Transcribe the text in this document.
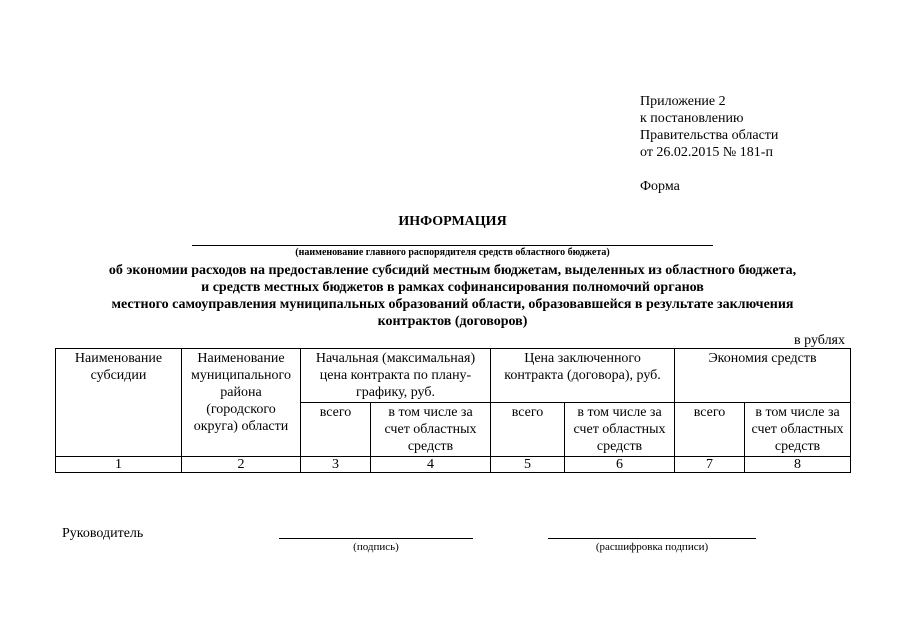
Приложение 2
к постановлению
Правительства области
от 26.02.2015 № 181-п
Форма
ИНФОРМАЦИЯ
(наименование главного распорядителя средств областного бюджета)
об экономии расходов на предоставление субсидий местным бюджетам, выделенных из областного бюджета,
и средств местных бюджетов в рамках софинансирования полномочий органов
местного самоуправления муниципальных образований области, образовавшейся в результате заключения
контрактов (договоров)
в рублях
Наименование субсидии	Наименование муниципального района (городского округа) области	Начальная (максимальная) цена контракта по плану-графику, руб.		Цена заключенного контракта (договора), руб.		Экономия средств	
		всего	в том числе за счет областных средств	всего	в том числе за счет областных средств	всего	в том числе за счет областных средств
1	2	3	4	5	6	7	8
Руководитель
(подпись)	(расшифровка подписи)
